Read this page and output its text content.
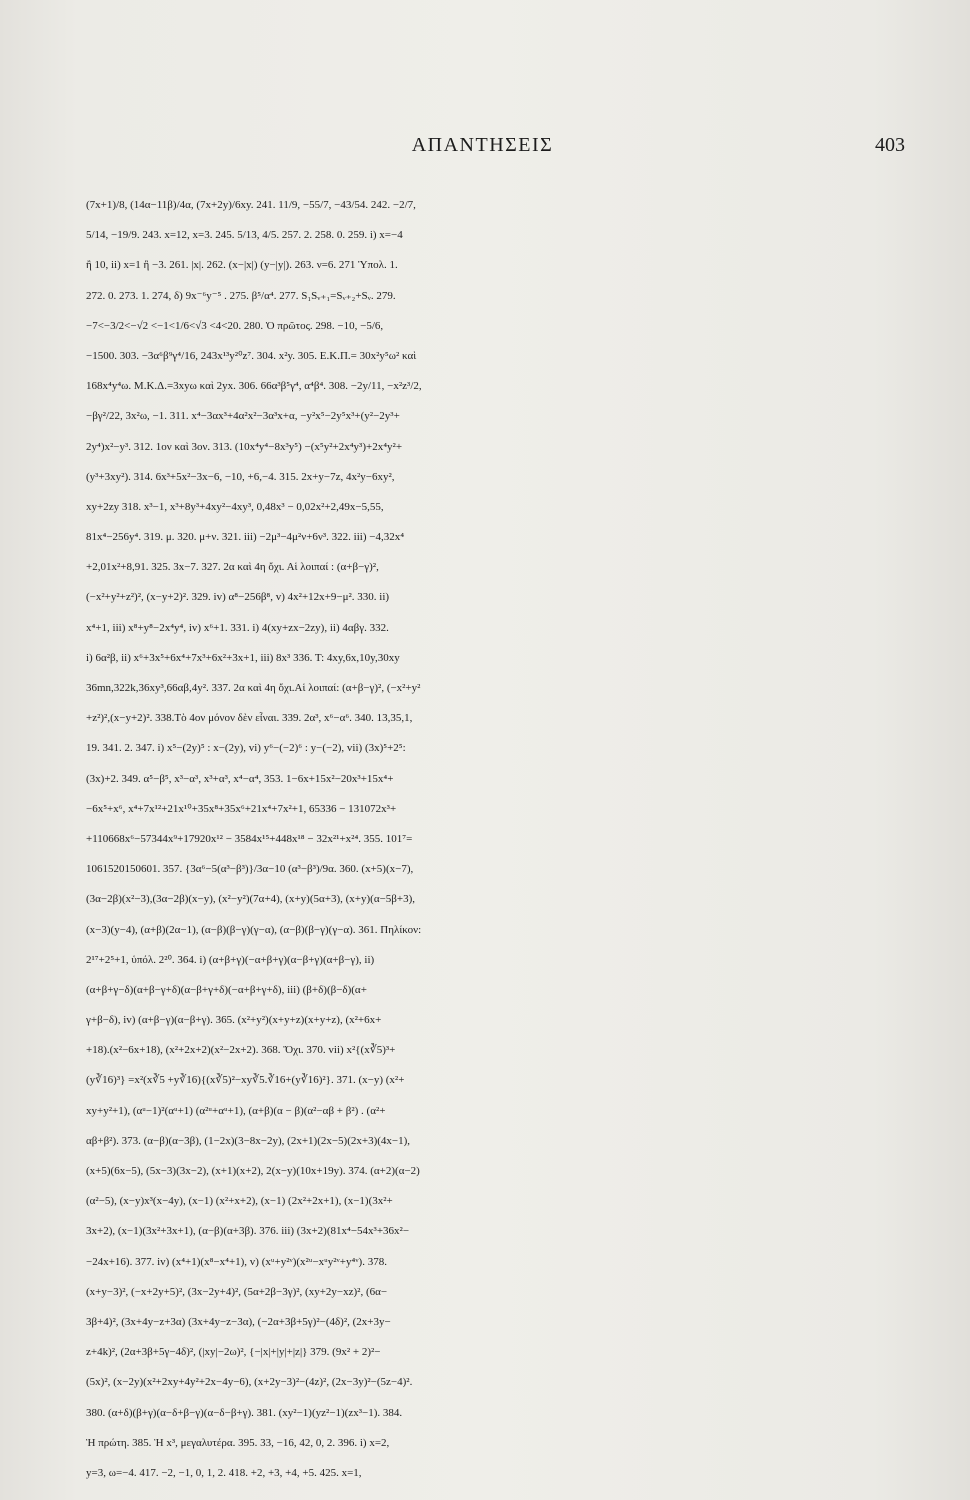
ΑΠΑΝΤΗΣΕΙΣ	403
(7x+1)/8, (14α−11β)/4α, (7x+2y)/6xy. 241. 11/9, −55/7, −43/54. 242. −2/7,
5/14, −19/9. 243. x=12, x=3. 245. 5/13, 4/5. 257. 2. 258. 0. 259. i) x=−4
ἢ 10, ii) x=1 ἢ −3. 261. |x|. 262. (x−|x|) (y−|y|). 263. ν=6. 271 Ὑπολ. 1.
272. 0. 273. 1. 274, δ) 9x⁻⁶y⁻⁵ . 275. β⁵/α⁴. 277. S₁Sᵥ₊₁=Sᵥ₊₂+Sᵥ. 279.
−7<−3/2<−√2 <−1<1/6<√3 <4<20. 280. Ὁ πρῶτος. 298. −10, −5/6,
−1500. 303. −3α⁶β⁹γ⁴/16, 243x¹³y²⁰z⁷. 304. x²y. 305. Ε.Κ.Π.= 30x²y⁵ω² καὶ
168x⁴y⁴ω. Μ.Κ.Δ.=3xyω καὶ 2yx. 306. 66α³β⁵γ⁴, α⁴β⁴. 308. −2y/11, −x²z³/2,
−βγ²/22, 3x²ω, −1. 311. x⁴−3αx³+4α²x²−3α³x+α, −y²x⁵−2y⁵x³+(y²−2y³+
2y⁴)x²−y³. 312. 1ον καὶ 3ον. 313. (10x⁴y⁴−8x³y⁵) −(x⁵y²+2x⁴y³)+2x⁴y²+
(y³+3xy²). 314. 6x³+5x²−3x−6, −10, +6,−4. 315. 2x+y−7z, 4x²y−6xy²,
xy+2zy 318. x³−1, x³+8y³+4xy²−4xy³, 0,48x³ − 0,02x²+2,49x−5,55,
81x⁴−256y⁴. 319. μ. 320. μ+ν. 321. iii) −2μ³−4μ²ν+6ν³. 322. iii) −4,32x⁴
+2,01x²+8,91. 325. 3x−7. 327. 2α καὶ 4η ὄχι. Αἱ λοιπαί : (α+β−γ)²,
(−x²+y²+z²)², (x−y+2)². 329. iv) α⁸−256β⁸, v) 4x²+12x+9−μ². 330. ii)
x⁴+1, iii) x⁸+y⁸−2x⁴y⁴, iv) x⁶+1. 331. i) 4(xy+zx−2zy), ii) 4αβγ. 332.
i) 6α²β, ii) x⁶+3x⁵+6x⁴+7x³+6x²+3x+1, iii) 8x³ 336. T: 4xy,6x,10y,30xy
36mn,322k,36xy³,66αβ,4y². 337. 2α καὶ 4η ὄχι.Αἱ λοιπαί: (α+β−γ)², (−x²+y²
+z²)²,(x−y+2)². 338.Τὸ 4ον μόνον δὲν εἶναι. 339. 2α³, x⁶−α⁶. 340. 13,35,1,
19. 341. 2. 347. i) x⁵−(2y)⁵ : x−(2y), vi) y⁶−(−2)⁶ : y−(−2), vii) (3x)⁵+2⁵:
(3x)+2. 349. α⁵−β⁵, x³−α³, x³+α³, x⁴−α⁴, 353. 1−6x+15x²−20x³+15x⁴+
−6x⁵+x⁶, x⁴+7x¹²+21x¹⁰+35x⁸+35x⁶+21x⁴+7x²+1, 65336 − 131072x³+
+110668x⁶−57344x⁹+17920x¹² − 3584x¹⁵+448x¹⁸ − 32x²¹+x²⁴. 355. 101⁷=
1061520150601. 357. {3α⁶−5(α³−β³)}/3α−10 (α³−β³)/9α. 360. (x+5)(x−7),
(3α−2β)(x²−3),(3α−2β)(x−y), (x²−y²)(7α+4), (x+y)(5α+3), (x+y)(α−5β+3),
(x−3)(y−4), (α+β)(2α−1), (α−β)(β−γ)(γ−α), (α−β)(β−γ)(γ−α). 361. Πηλίκον:
2¹⁷+2⁵+1, ὑπόλ. 2²⁰. 364. i) (α+β+γ)(−α+β+γ)(α−β+γ)(α+β−γ), ii)
(α+β+γ−δ)(α+β−γ+δ)(α−β+γ+δ)(−α+β+γ+δ), iii) (β+δ)(β−δ)(α+
γ+β−δ), iv) (α+β−γ)(α−β+γ). 365. (x²+y²)(x+y+z)(x+y+z), (x²+6x+
+18).(x²−6x+18), (x²+2x+2)(x²−2x+2). 368. Ὄχι. 370. vii) x²{(x∛5)³+
(y∛16)³} =x²(x∛5 +y∛16){(x∛5)²−xy∛5.∛16+(y∛16)²}. 371. (x−y) (x²+
xy+y²+1), (αᵘ−1)²(αᵘ+1) (α²ᵘ+αᵘ+1), (α+β)(α − β)(α²−αβ + β²) . (α²+
αβ+β²). 373. (α−β)(α−3β), (1−2x)(3−8x−2y), (2x+1)(2x−5)(2x+3)(4x−1),
(x+5)(6x−5), (5x−3)(3x−2), (x+1)(x+2), 2(x−y)(10x+19y). 374. (α+2)(α−2)
(α²−5), (x−y)x³(x−4y), (x−1) (x²+x+2), (x−1) (2x²+2x+1), (x−1)(3x²+
3x+2), (x−1)(3x²+3x+1), (α−β)(α+3β). 376. iii) (3x+2)(81x⁴−54x³+36x²−
−24x+16). 377. iv) (x⁴+1)(x⁸−x⁴+1), v) (xᵘ+y²ᵛ)(x²ᵘ−xᵘy²ᵛ+y⁴ᵛ). 378.
(x+y−3)², (−x+2y+5)², (3x−2y+4)², (5α+2β−3γ)², (xy+2y−xz)², (6α−
3β+4)², (3x+4y−z+3α) (3x+4y−z−3α), (−2α+3β+5γ)²−(4δ)², (2x+3y−
z+4k)², (2α+3β+5γ−4δ)², (|xy|−2ω)², {−|x|+|y|+|z|} 379. (9x² + 2)²−
(5x)², (x−2y)(x²+2xy+4y²+2x−4y−6), (x+2y−3)²−(4z)², (2x−3y)²−(5z−4)².
380. (α+δ)(β+γ)(α−δ+β−γ)(α−δ−β+γ). 381. (xy²−1)(yz²−1)(zx³−1). 384.
Ἡ πρώτη. 385. Ἡ x³, μεγαλυτέρα. 395. 33, −16, 42, 0, 2. 396. i) x=2,
y=3, ω=−4. 417. −2, −1, 0, 1, 2. 418. +2, +3, +4, +5. 425. x=1,
